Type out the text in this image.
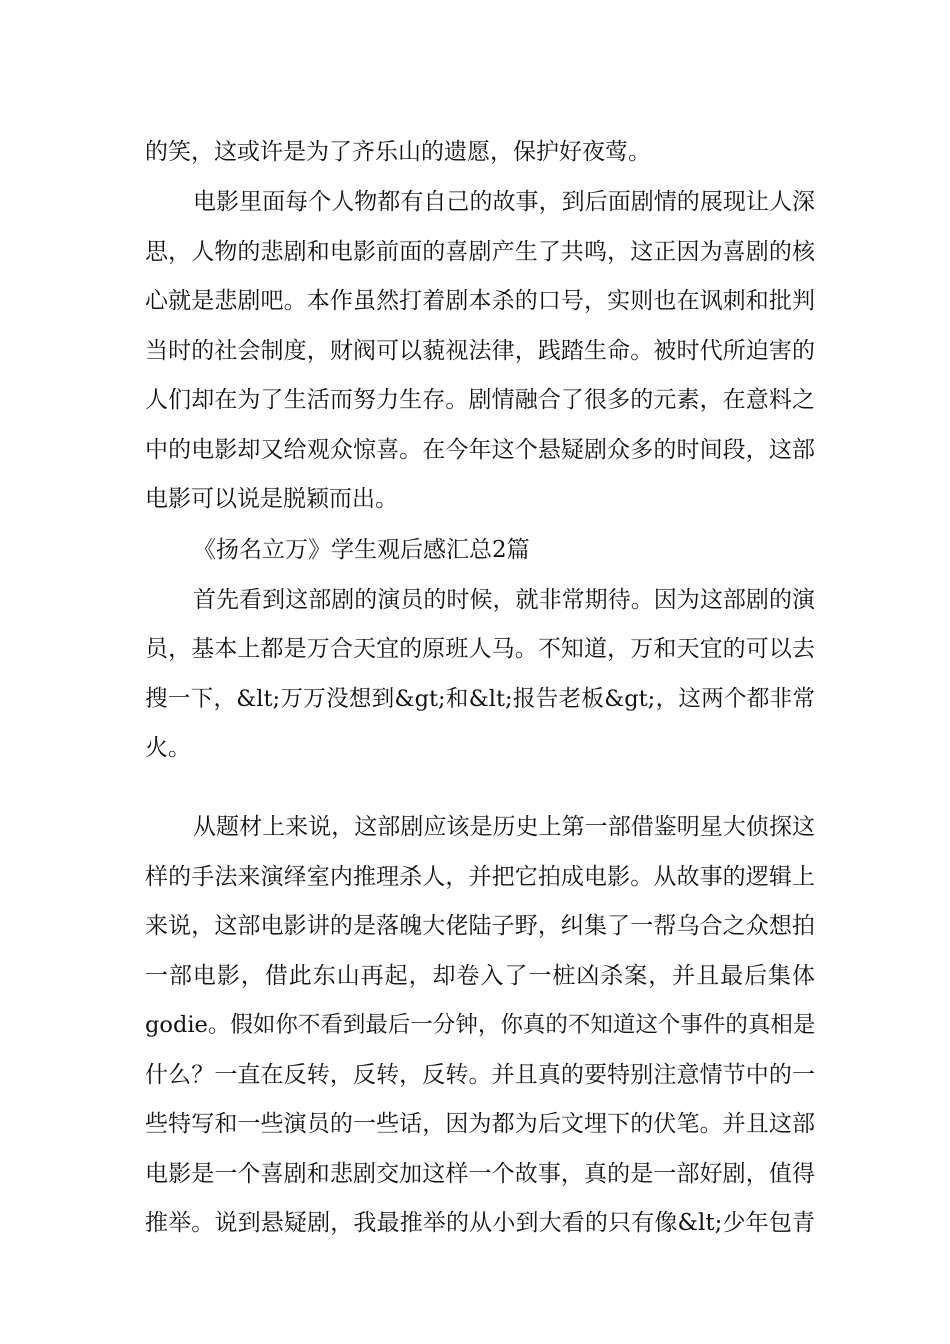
的笑，这或许是为了齐乐山的遗愿，保护好夜莺。
电影里面每个人物都有自己的故事，到后面剧情的展现让人深
思，人物的悲剧和电影前面的喜剧产生了共鸣，这正因为喜剧的核
心就是悲剧吧。本作虽然打着剧本杀的口号，实则也在讽刺和批判
当时的社会制度，财阀可以藐视法律，践踏生命。被时代所迫害的
人们却在为了生活而努力生存。剧情融合了很多的元素，在意料之
中的电影却又给观众惊喜。在今年这个悬疑剧众多的时间段，这部
电影可以说是脱颖而出。
《扬名立万》学生观后感汇总2篇
首先看到这部剧的演员的时候，就非常期待。因为这部剧的演
员，基本上都是万合天宜的原班人马。不知道，万和天宜的可以去
搜一下，&lt;万万没想到&gt;和&lt;报告老板&gt;，这两个都非常
火。
从题材上来说，这部剧应该是历史上第一部借鉴明星大侦探这
样的手法来演绎室内推理杀人，并把它拍成电影。从故事的逻辑上
来说，这部电影讲的是落魄大佬陆子野，纠集了一帮乌合之众想拍
一部电影，借此东山再起，却卷入了一桩凶杀案，并且最后集体
godie。假如你不看到最后一分钟，你真的不知道这个事件的真相是
什么？一直在反转，反转，反转。并且真的要特别注意情节中的一
些特写和一些演员的一些话，因为都为后文埋下的伏笔。并且这部
电影是一个喜剧和悲剧交加这样一个故事，真的是一部好剧，值得
推举。说到悬疑剧，我最推举的从小到大看的只有像&lt;少年包青
